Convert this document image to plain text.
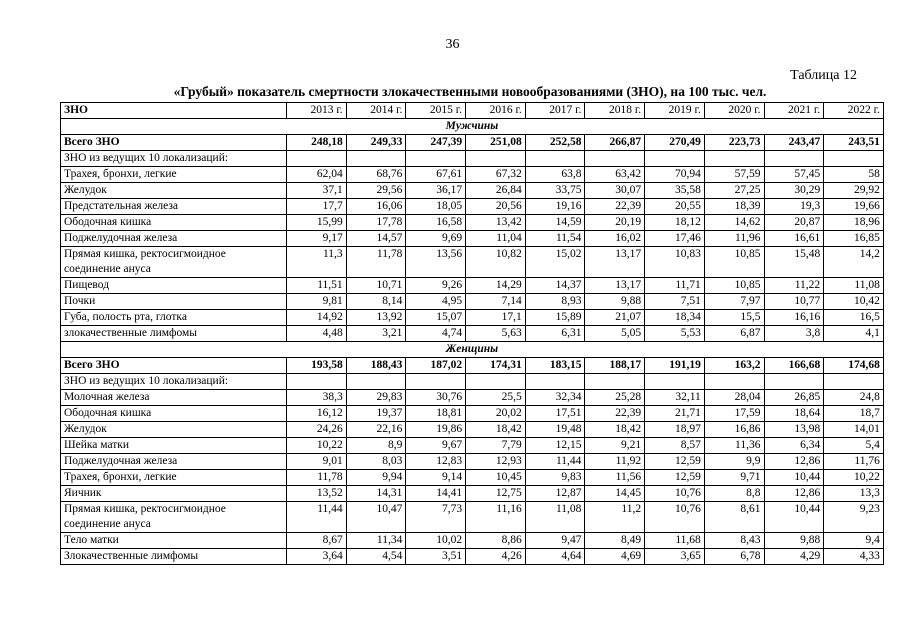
36
Таблица 12
«Грубый» показатель смертности злокачественными новообразованиями (ЗНО), на 100 тыс. чел.
ЗНО	2013 г.	2014 г.	2015 г.	2016 г.	2017 г.	2018 г.	2019 г.	2020 г.	2021 г.	2022 г.
Мужчины										
Всего ЗНО	248,18	249,33	247,39	251,08	252,58	266,87	270,49	223,73	243,47	243,51
ЗНО из ведущих 10 локализаций:										
Трахея, бронхи, легкие	62,04	68,76	67,61	67,32	63,8	63,42	70,94	57,59	57,45	58
Желудок	37,1	29,56	36,17	26,84	33,75	30,07	35,58	27,25	30,29	29,92
Предстательная железа	17,7	16,06	18,05	20,56	19,16	22,39	20,55	18,39	19,3	19,66
Ободочная кишка	15,99	17,78	16,58	13,42	14,59	20,19	18,12	14,62	20,87	18,96
Поджелудочная железа	9,17	14,57	9,69	11,04	11,54	16,02	17,46	11,96	16,61	16,85
Прямая кишка, ректосигмоидное соединение ануса	11,3	11,78	13,56	10,82	15,02	13,17	10,83	10,85	15,48	14,2
Пищевод	11,51	10,71	9,26	14,29	14,37	13,17	11,71	10,85	11,22	11,08
Почки	9,81	8,14	4,95	7,14	8,93	9,88	7,51	7,97	10,77	10,42
Губа, полость рта, глотка	14,92	13,92	15,07	17,1	15,89	21,07	18,34	15,5	16,16	16,5
злокачественные лимфомы	4,48	3,21	4,74	5,63	6,31	5,05	5,53	6,87	3,8	4,1
Женщины										
Всего ЗНО	193,58	188,43	187,02	174,31	183,15	188,17	191,19	163,2	166,68	174,68
ЗНО из ведущих 10 локализаций:										
Молочная железа	38,3	29,83	30,76	25,5	32,34	25,28	32,11	28,04	26,85	24,8
Ободочная кишка	16,12	19,37	18,81	20,02	17,51	22,39	21,71	17,59	18,64	18,7
Желудок	24,26	22,16	19,86	18,42	19,48	18,42	18,97	16,86	13,98	14,01
Шейка матки	10,22	8,9	9,67	7,79	12,15	9,21	8,57	11,36	6,34	5,4
Поджелудочная железа	9,01	8,03	12,83	12,93	11,44	11,92	12,59	9,9	12,86	11,76
Трахея, бронхи, легкие	11,78	9,94	9,14	10,45	9,83	11,56	12,59	9,71	10,44	10,22
Яичник	13,52	14,31	14,41	12,75	12,87	14,45	10,76	8,8	12,86	13,3
Прямая кишка, ректосигмоидное соединение ануса	11,44	10,47	7,73	11,16	11,08	11,2	10,76	8,61	10,44	9,23
Тело матки	8,67	11,34	10,02	8,86	9,47	8,49	11,68	8,43	9,88	9,4
Злокачественные лимфомы	3,64	4,54	3,51	4,26	4,64	4,69	3,65	6,78	4,29	4,33
